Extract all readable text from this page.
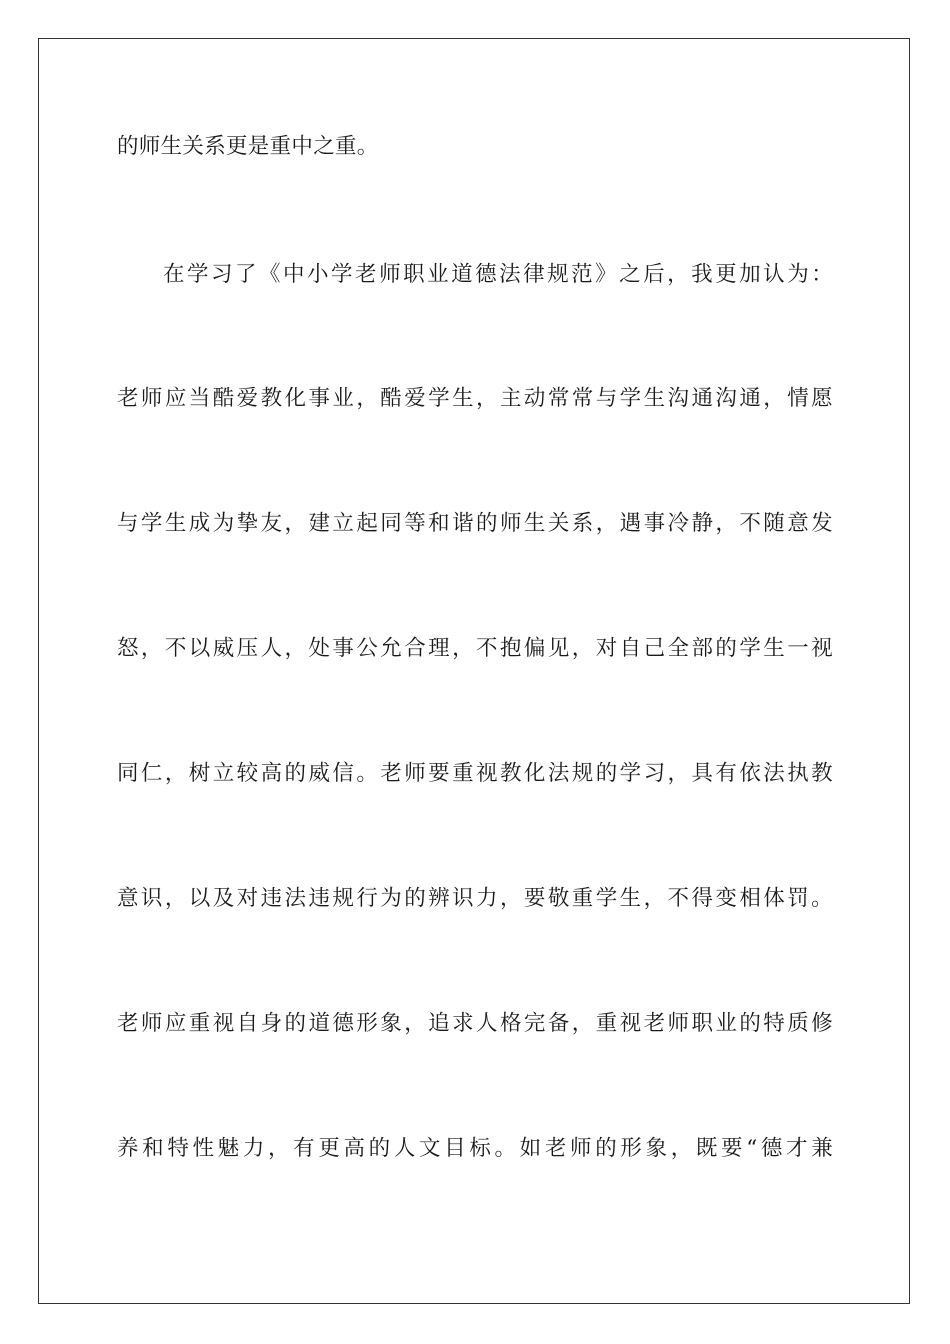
的师生关系更是重中之重。
在学习了《中小学老师职业道德法律规范》之后，我更加认为：
老师应当酷爱教化事业，酷爱学生，主动常常与学生沟通沟通，情愿
与学生成为挚友，建立起同等和谐的师生关系，遇事冷静，不随意发
怒，不以威压人，处事公允合理，不抱偏见，对自己全部的学生一视
同仁，树立较高的威信。老师要重视教化法规的学习，具有依法执教
意识，以及对违法违规行为的辨识力，要敬重学生，不得变相体罚。
老师应重视自身的道德形象，追求人格完备，重视老师职业的特质修
养和特性魅力，有更高的人文目标。如老师的形象，既要“德才兼
